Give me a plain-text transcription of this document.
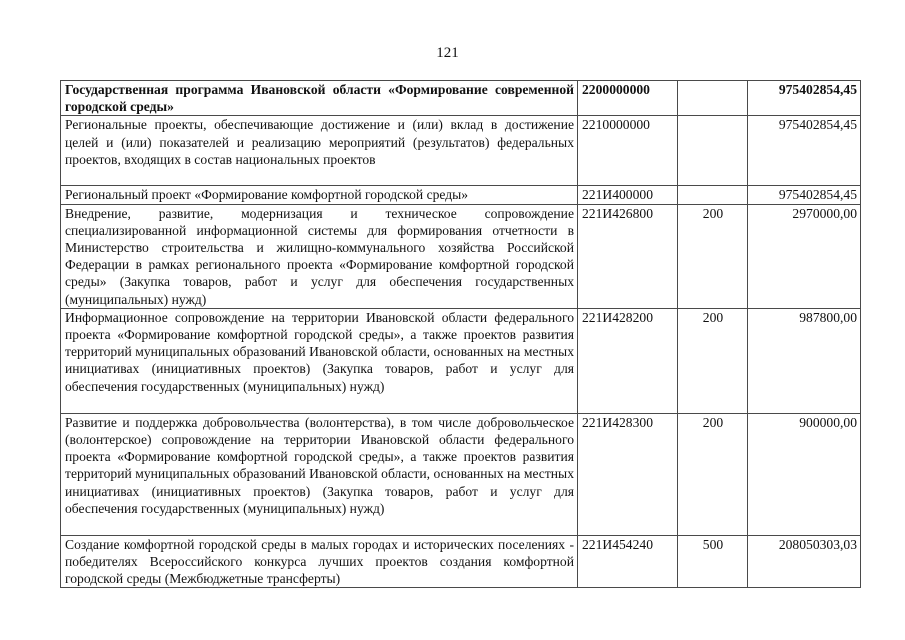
121
Государственная программа Ивановской области «Формирование современной городской среды»	2200000000		975402854,45
Региональные проекты, обеспечивающие достижение и (или) вклад в достижение целей и (или) показателей и реализацию мероприятий (результатов) федеральных проектов, входящих в состав национальных проектов	2210000000		975402854,45
Региональный проект «Формирование комфортной городской среды»	221И400000		975402854,45
Внедрение, развитие, модернизация и техническое сопровождение специализированной информационной системы для формирования отчетности в Министерство строительства и жилищно-коммунального хозяйства Российской Федерации в рамках регионального проекта «Формирование комфортной городской среды» (Закупка товаров, работ и услуг для обеспечения государственных (муниципальных) нужд)	221И426800	200	2970000,00
Информационное сопровождение на территории Ивановской области федерального проекта «Формирование комфортной городской среды», а также проектов развития территорий муниципальных образований Ивановской области, основанных на местных инициативах (инициативных проектов) (Закупка товаров, работ и услуг для обеспечения государственных (муниципальных) нужд)	221И428200	200	987800,00
Развитие и поддержка добровольчества (волонтерства), в том числе добровольческое (волонтерское) сопровождение на территории Ивановской области федерального проекта «Формирование комфортной городской среды», а также проектов развития территорий муниципальных образований Ивановской области, основанных на местных инициативах (инициативных проектов) (Закупка товаров, работ и услуг для обеспечения государственных (муниципальных) нужд)	221И428300	200	900000,00
Создание комфортной городской среды в малых городах и исторических поселениях - победителях Всероссийского конкурса лучших проектов создания комфортной городской среды (Межбюджетные трансферты)	221И454240	500	208050303,03
